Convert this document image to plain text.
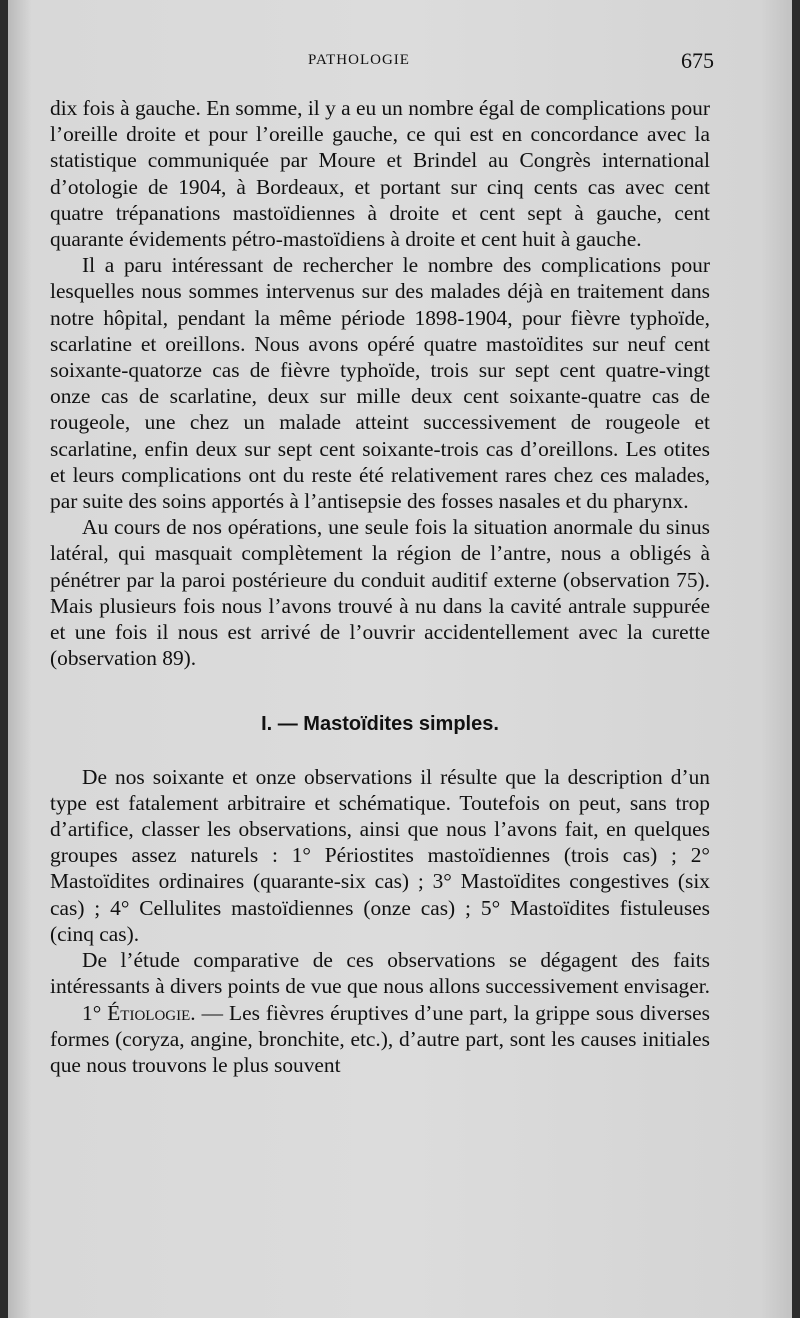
PATHOLOGIE	675

dix fois à gauche. En somme, il y a eu un nombre égal de complications pour l’oreille droite et pour l’oreille gauche, ce qui est en concordance avec la statistique communiquée par Moure et Brindel au Congrès international d’otologie de 1904, à Bordeaux, et portant sur cinq cents cas avec cent quatre trépanations mastoïdiennes à droite et cent sept à gauche, cent quarante évidements pétro-mastoïdiens à droite et cent huit à gauche.

Il a paru intéressant de rechercher le nombre des complications pour lesquelles nous sommes intervenus sur des malades déjà en traitement dans notre hôpital, pendant la même période 1898-1904, pour fièvre typhoïde, scarlatine et oreillons. Nous avons opéré quatre mastoïdites sur neuf cent soixante-quatorze cas de fièvre typhoïde, trois sur sept cent quatre-vingt onze cas de scarlatine, deux sur mille deux cent soixante-quatre cas de rougeole, une chez un malade atteint successivement de rougeole et scarlatine, enfin deux sur sept cent soixante-trois cas d’oreillons. Les otites et leurs complications ont du reste été relativement rares chez ces malades, par suite des soins apportés à l’antisepsie des fosses nasales et du pharynx.

Au cours de nos opérations, une seule fois la situation anormale du sinus latéral, qui masquait complètement la région de l’antre, nous a obligés à pénétrer par la paroi postérieure du conduit auditif externe (observation 75). Mais plusieurs fois nous l’avons trouvé à nu dans la cavité antrale suppurée et une fois il nous est arrivé de l’ouvrir accidentellement avec la curette (observation 89).

I. — Mastoïdites simples.

De nos soixante et onze observations il résulte que la description d’un type est fatalement arbitraire et schématique. Toutefois on peut, sans trop d’artifice, classer les observations, ainsi que nous l’avons fait, en quelques groupes assez naturels : 1° Périostites mastoïdiennes (trois cas) ; 2° Mastoïdites ordinaires (quarante-six cas) ; 3° Mastoïdites congestives (six cas) ; 4° Cellulites mastoïdiennes (onze cas) ; 5° Mastoïdites fistuleuses (cinq cas).

De l’étude comparative de ces observations se dégagent des faits intéressants à divers points de vue que nous allons successivement envisager.

1° Étiologie. — Les fièvres éruptives d’une part, la grippe sous diverses formes (coryza, angine, bronchite, etc.), d’autre part, sont les causes initiales que nous trouvons le plus souvent
